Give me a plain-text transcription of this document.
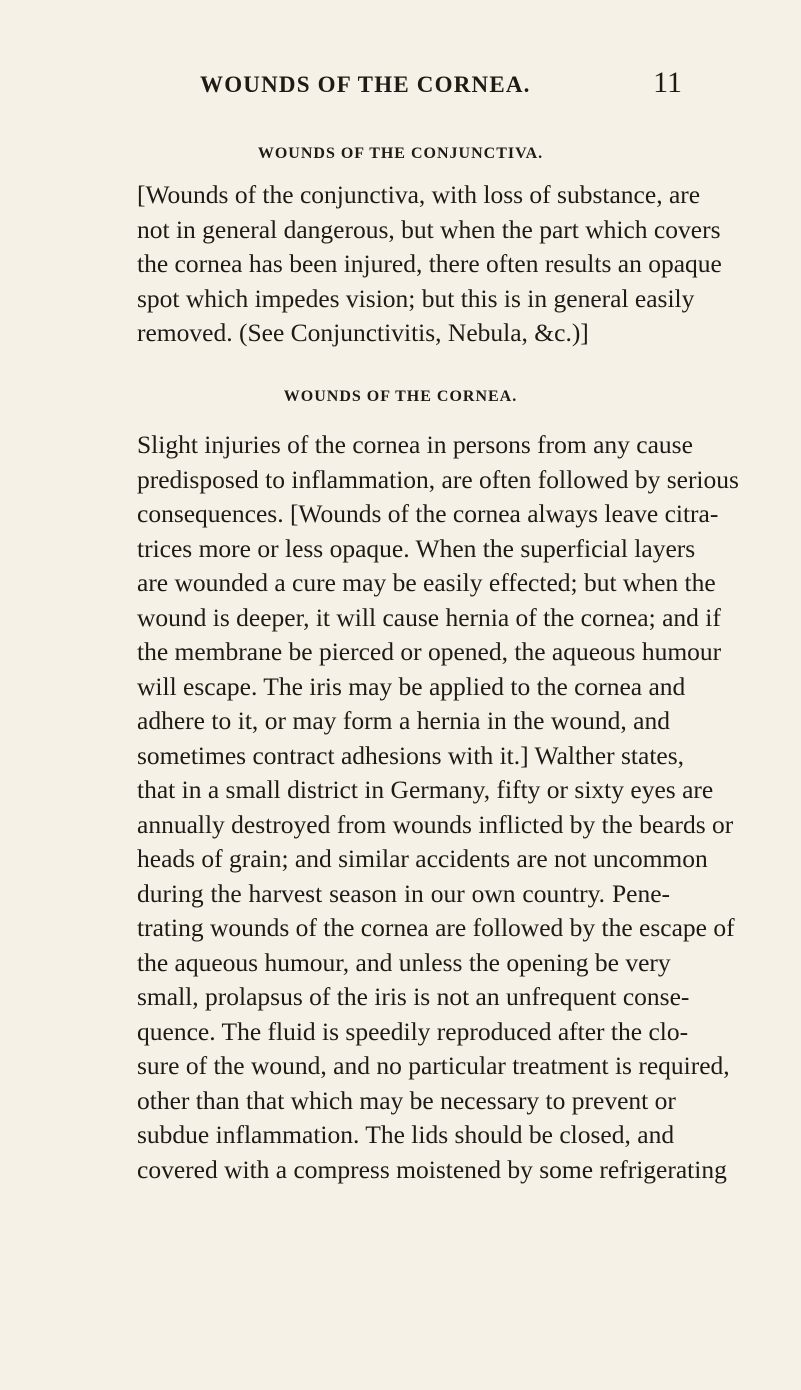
WOUNDS OF THE CORNEA.	11
WOUNDS OF THE CONJUNCTIVA.
[Wounds of the conjunctiva, with loss of substance, are
not in general dangerous, but when the part which covers
the cornea has been injured, there often results an opaque
spot which impedes vision; but this is in general easily
removed. (See Conjunctivitis, Nebula, &c.)]
WOUNDS OF THE CORNEA.
Slight injuries of the cornea in persons from any cause
predisposed to inflammation, are often followed by serious
consequences. [Wounds of the cornea always leave citra-
trices more or less opaque. When the superficial layers
are wounded a cure may be easily effected; but when the
wound is deeper, it will cause hernia of the cornea; and if
the membrane be pierced or opened, the aqueous humour
will escape. The iris may be applied to the cornea and
adhere to it, or may form a hernia in the wound, and
sometimes contract adhesions with it.] Walther states,
that in a small district in Germany, fifty or sixty eyes are
annually destroyed from wounds inflicted by the beards or
heads of grain; and similar accidents are not uncommon
during the harvest season in our own country. Pene-
trating wounds of the cornea are followed by the escape of
the aqueous humour, and unless the opening be very
small, prolapsus of the iris is not an unfrequent conse-
quence. The fluid is speedily reproduced after the clo-
sure of the wound, and no particular treatment is required,
other than that which may be necessary to prevent or
subdue inflammation. The lids should be closed, and
covered with a compress moistened by some refrigerating
